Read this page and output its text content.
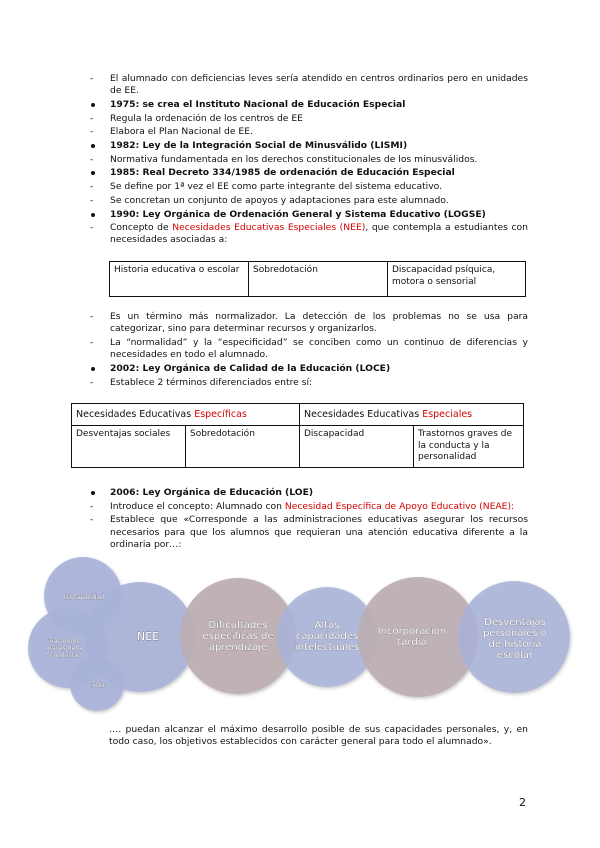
- El alumnado con deficiencias leves sería atendido en centros ordinarios pero en unidades de EE.
1975: se crea el Instituto Nacional de Educación Especial
- Regula la ordenación de los centros de EE
- Elabora el Plan Nacional de EE.
1982: Ley de la Integración Social de Minusválido (LISMI)
- Normativa fundamentada en los derechos constitucionales de los minusválidos.
1985: Real Decreto 334/1985 de ordenación de Educación Especial
- Se define por 1ª vez el EE como parte integrante del sistema educativo.
- Se concretan un conjunto de apoyos y adaptaciones para este alumnado.
1990: Ley Orgánica de Ordenación General y Sistema Educativo (LOGSE)
- Concepto de Necesidades Educativas Especiales (NEE), que contempla a estudiantes con necesidades asociadas a:
Historia educativa o escolar	Sobredotación	Discapacidad psíquica, motora o sensorial
- Es un término más normalizador. La detección de los problemas no se usa para categorizar, sino para determinar recursos y organizarlos.
- La “normalidad” y la “especificidad” se conciben como un continuo de diferencias y necesidades en todo el alumnado.
2002: Ley Orgánica de Calidad de la Educación (LOCE)
- Establece 2 términos diferenciados entre sí:
Necesidades Educativas Específicas		Necesidades Educativas Especiales	
Desventajas sociales	Sobredotación	Discapacidad	Trastornos graves de la conducta y la personalidad
2006: Ley Orgánica de Educación (LOE)
- Introduce el concepto: Alumnado con Necesidad Específica de Apoyo Educativo (NEAE):
- Establece que «Corresponde a las administraciones educativas asegurar los recursos necesarios para que los alumnos que requieran una atención educativa diferente a la ordinaria por…:
Discapacidad
NEE
TGD
Trastornos graves de la conducta
Dificultades específicas de aprendizaje
Altas capacidades intelectuales
Incorporación tardía
Desventajas personales o de historia escolar
…. puedan alcanzar el máximo desarrollo posible de sus capacidades personales, y, en todo caso, los objetivos establecidos con carácter general para todo el alumnado».
2
